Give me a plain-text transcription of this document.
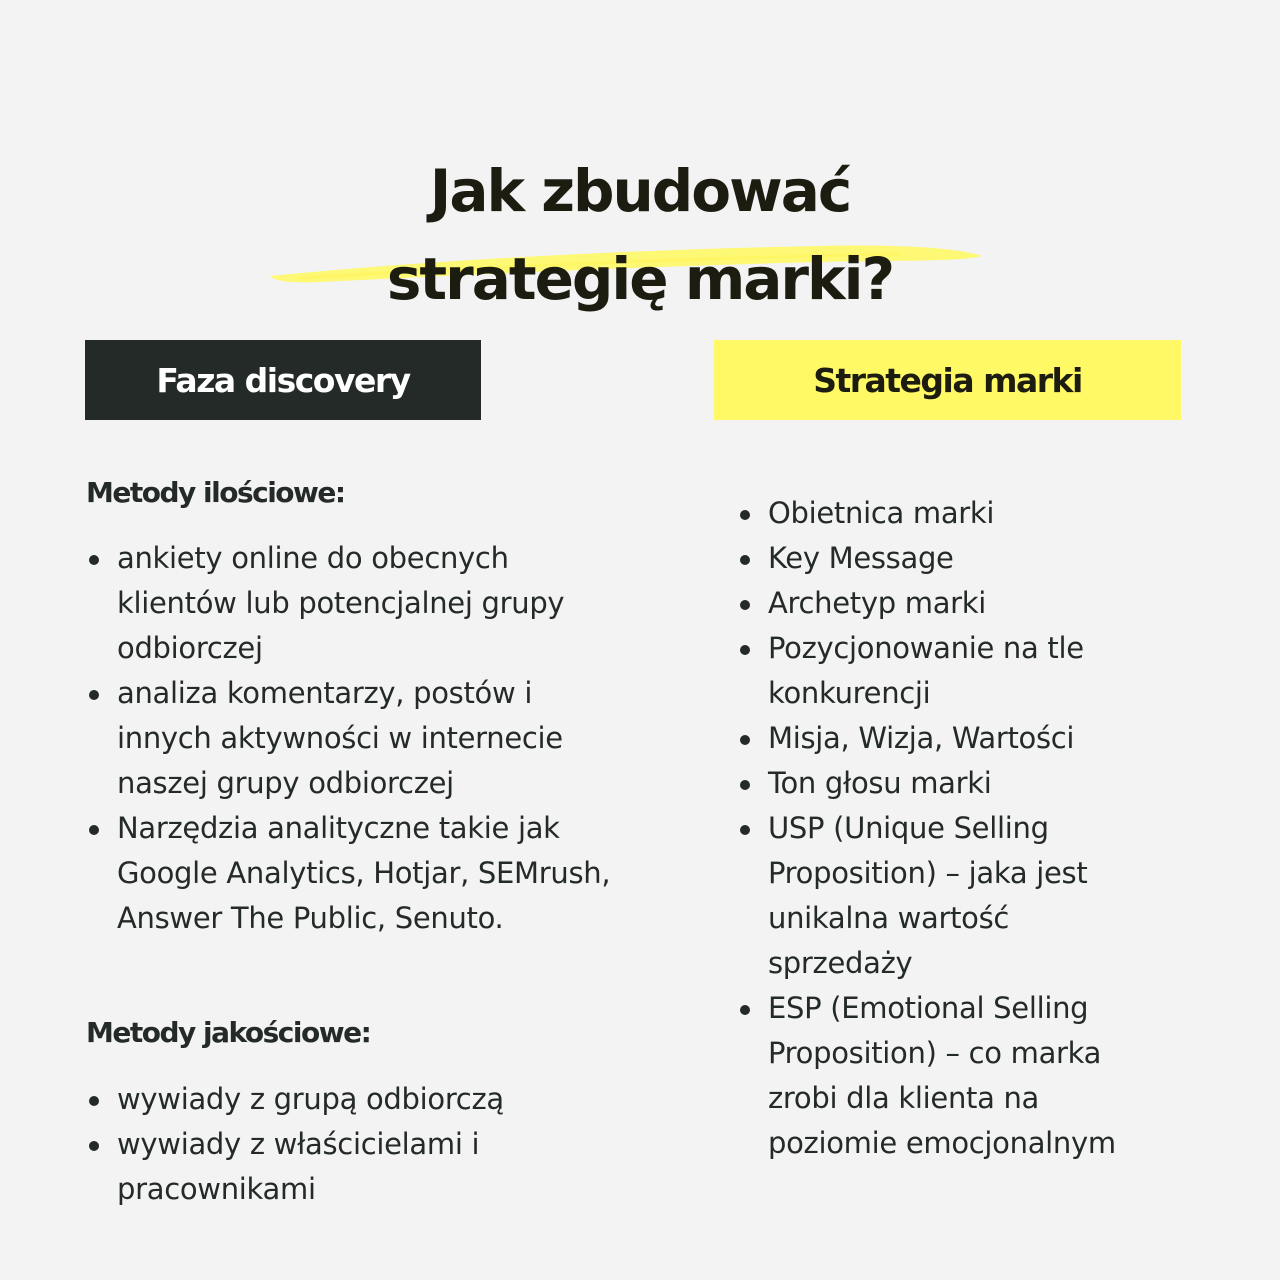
Jak zbudować
strategię marki?
Faza discovery	Strategia marki
Metody ilościowe:
ankiety online do obecnych klientów lub potencjalnej grupy odbiorczej
analiza komentarzy, postów i innych aktywności w internecie naszej grupy odbiorczej
Narzędzia analityczne takie jak Google Analytics, Hotjar, SEMrush, Answer The Public, Senuto.
Metody jakościowe:
wywiady z grupą odbiorczą
wywiady z właścicielami i pracownikami
Obietnica marki
Key Message
Archetyp marki
Pozycjonowanie na tle konkurencji
Misja, Wizja, Wartości
Ton głosu marki
USP (Unique Selling Proposition) – jaka jest unikalna wartość sprzedaży
ESP (Emotional Selling Proposition) – co marka zrobi dla klienta na poziomie emocjonalnym
